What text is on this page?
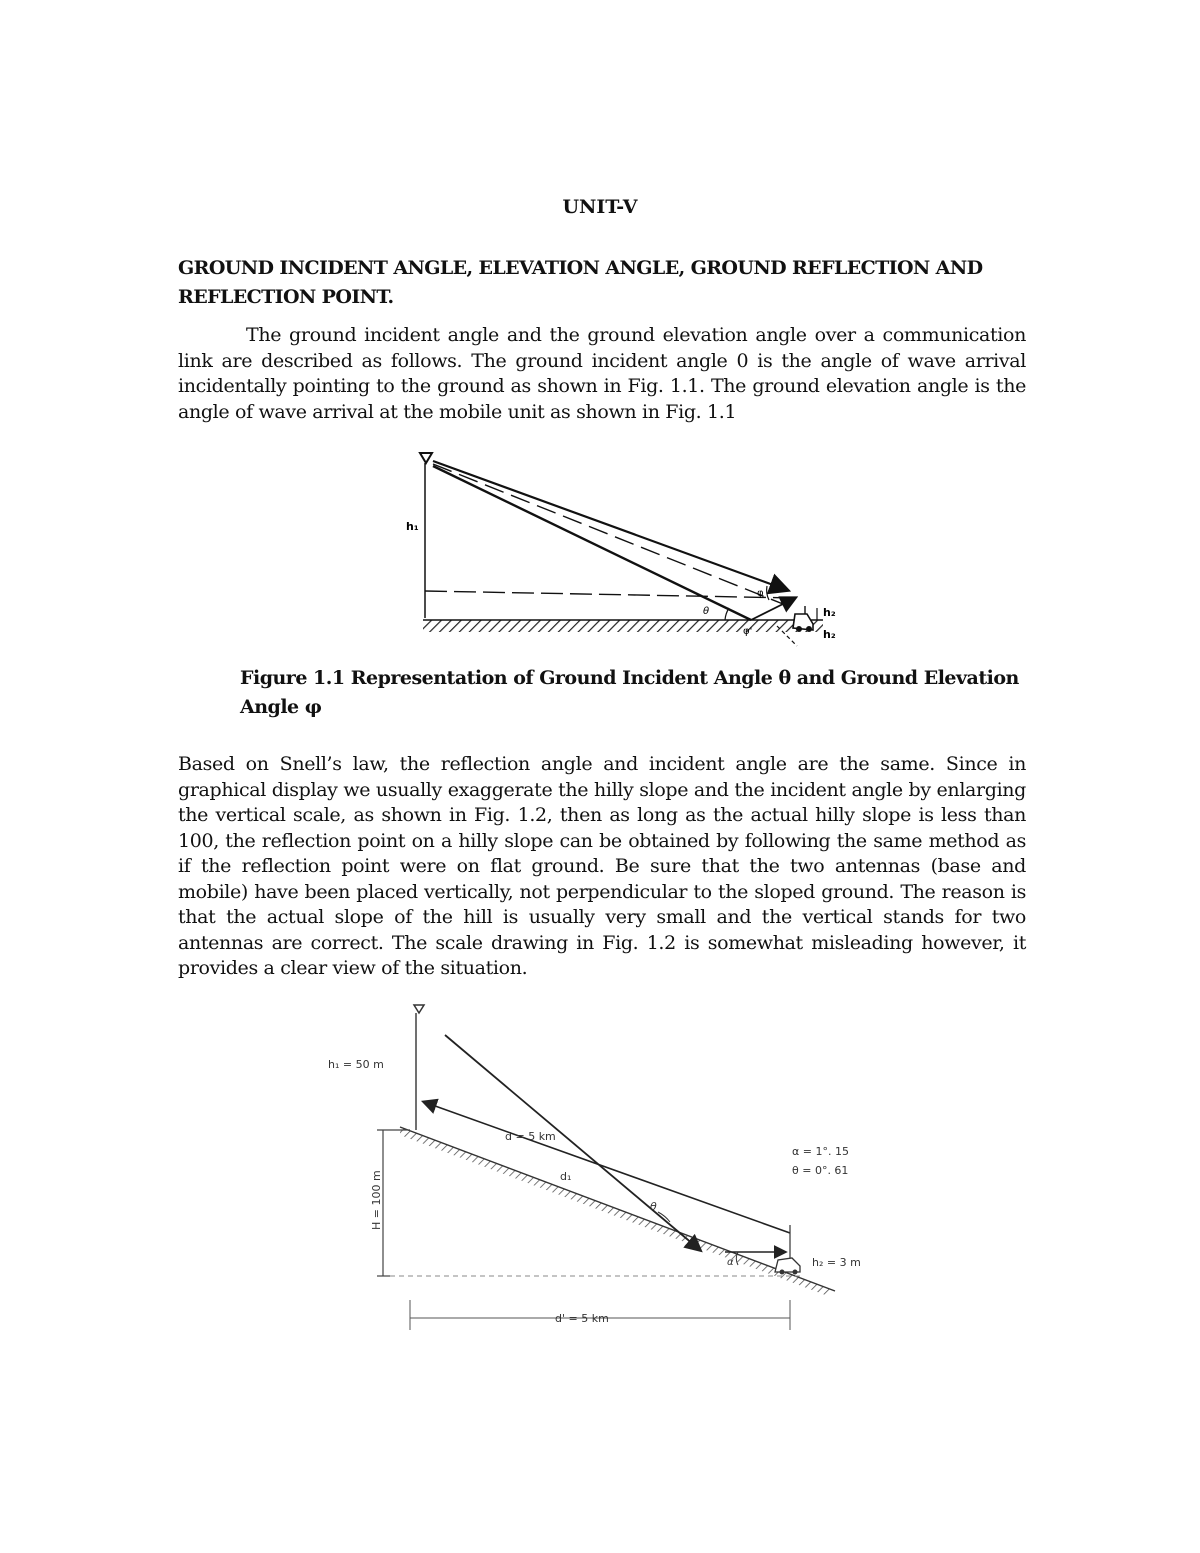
UNIT-V
GROUND INCIDENT ANGLE, ELEVATION ANGLE, GROUND REFLECTION AND REFLECTION POINT.
The ground incident angle and the ground elevation angle over a communication link are described as follows. The ground incident angle 0 is the angle of wave arrival incidentally pointing to the ground as shown in Fig. 1.1. The ground elevation angle is the angle of wave arrival at the mobile unit as shown in Fig. 1.1
h₁
θ
φ
φ'
h₂
h₂
Figure 1.1 Representation of Ground Incident Angle θ and Ground Elevation Angle φ
Based on Snell’s law, the reflection angle and incident angle are the same. Since in graphical display we usually exaggerate the hilly slope and the incident angle by enlarging the vertical scale, as shown in Fig. 1.2, then as long as the actual hilly slope is less than 100, the reflection point on a hilly slope can be obtained by following the same method as if the reflection point were on flat ground. Be sure that the two antennas (base and mobile) have been placed vertically, not perpendicular to the sloped ground. The reason is that the actual slope of the hill is usually very small and the vertical stands for two antennas are correct. The scale drawing in Fig. 1.2 is somewhat misleading however, it provides a clear view of the situation.
h₁ = 50 m
d = 5 km
d₁
H = 100 m
α = 1°. 15
θ = 0°. 61
θ
α	h₂ = 3 m
d' = 5 km
